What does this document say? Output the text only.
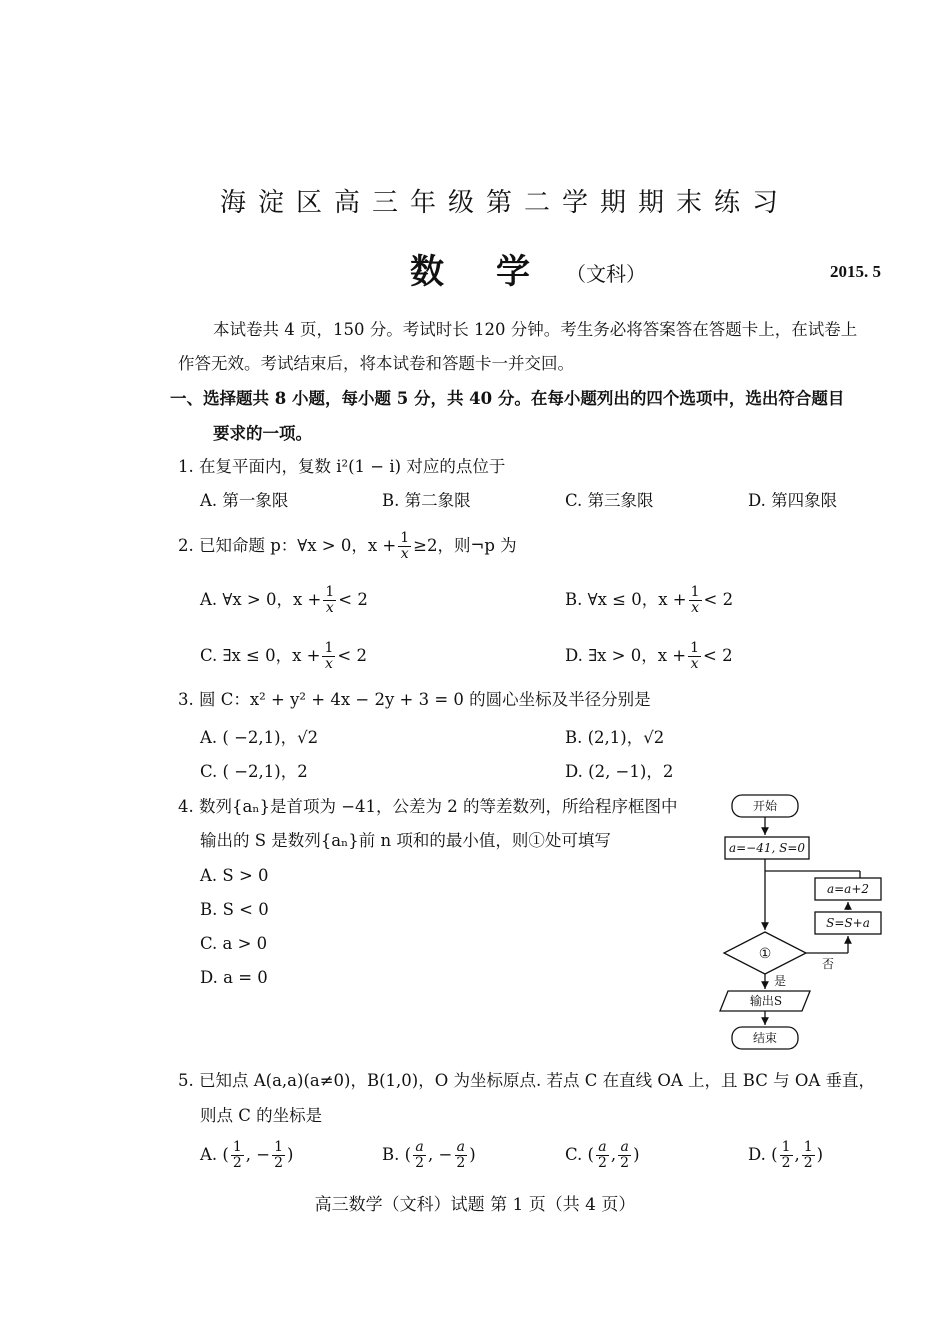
海淀区高三年级第二学期期末练习
数学
（文科）	2015. 5
本试卷共 4 页，150 分。考试时长 120 分钟。考生务必将答案答在答题卡上，在试卷上
作答无效。考试结束后，将本试卷和答题卡一并交回。
一、选择题共 8 小题，每小题 5 分，共 40 分。在每小题列出的四个选项中，选出符合题目
要求的一项。
1. 在复平面内，复数 i²(1 − i) 对应的点位于
A. 第一象限	B. 第二象限	C. 第三象限	D. 第四象限
2. 已知命题 p：∀x > 0，$x + \frac{1}{x} \ge 2$，则¬p 为
A. ∀x > 0，$x + \frac{1}{x} < 2$	B. ∀x ≤ 0，$x + \frac{1}{x} < 2$
C. ∃x ≤ 0，$x + \frac{1}{x} < 2$	D. ∃x > 0，$x + \frac{1}{x} < 2$
3. 圆 C：x² + y² + 4x − 2y + 3 = 0 的圆心坐标及半径分别是
A. ( −2,1)，√2	B. (2,1)，√2
C. ( −2,1)，2	D. (2, −1)，2
4. 数列{aₙ}是首项为 −41，公差为 2 的等差数列，所给程序框图中
输出的 S 是数列{aₙ}前 n 项和的最小值，则①处可填写
A. S > 0
B. S < 0
C. a > 0
D. a = 0
开始
a=−41, S=0
a=a+2
S=S+a
①
是
否
输出S
结束
5. 已知点 A(a,a)(a≠0)，B(1,0)，O 为坐标原点. 若点 C 在直线 OA 上，且 BC 与 OA 垂直，
则点 C 的坐标是
A. ( $\frac{1}{2}$ , − $\frac{1}{2}$ )	B. ( $\frac{a}{2}$ , − $\frac{a}{2}$ )	C. ( $\frac{a}{2}$ , $\frac{a}{2}$ )	D. ( $\frac{1}{2}$ , $\frac{1}{2}$ )
高三数学（文科）试题 第 1 页（共 4 页）
